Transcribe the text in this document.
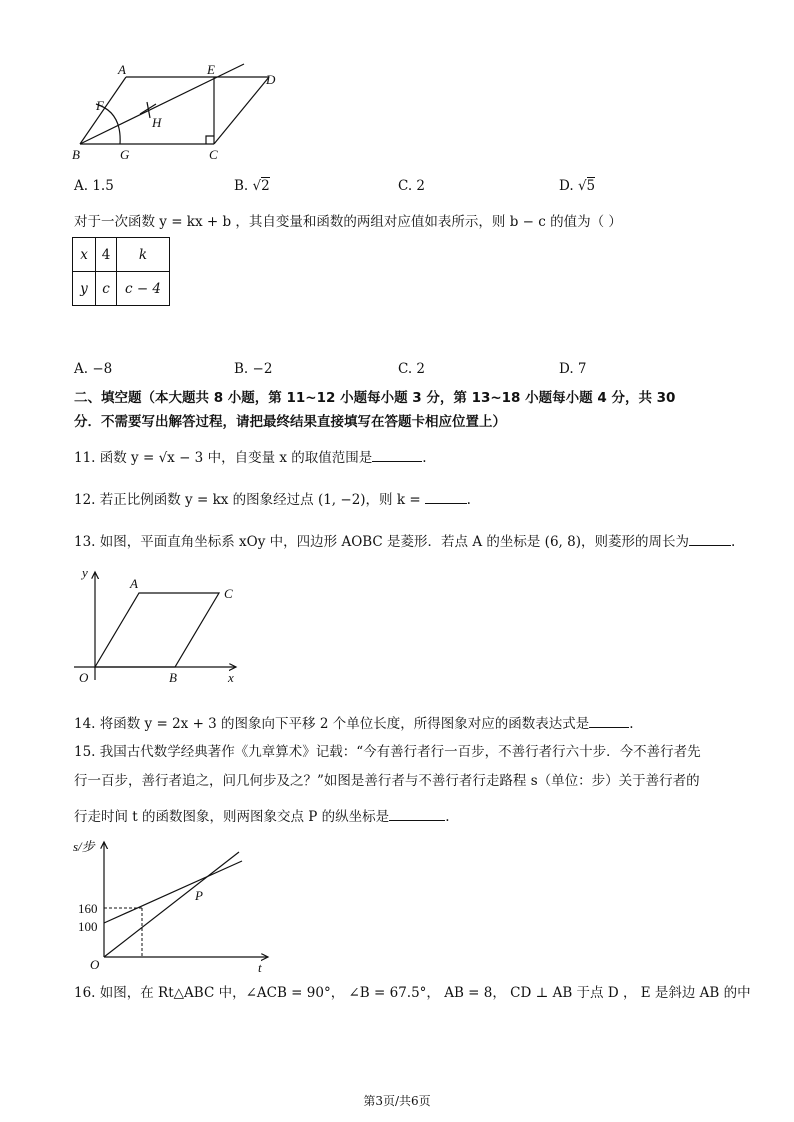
A	E
D
F
H
B	G	C
A. 1.5	B. √2	C. 2	D. √5
对于一次函数 y = kx + b ，其自变量和函数的两组对应值如表所示，则 b − c 的值为（ ）
x	4	k
y	c	c − 4
A. −8	B. −2	C. 2	D. 7
二、填空题（本大题共 8 小题，第 11~12 小题每小题 3 分，第 13~18 小题每小题 4 分，共 30
分．不需要写出解答过程，请把最终结果直接填写在答题卡相应位置上）
11. 函数 y = √x − 3 中，自变量 x 的取值范围是	.
12. 若正比例函数 y = kx 的图象经过点 (1, −2)，则 k =	.
13. 如图，平面直角坐标系 xOy 中，四边形 AOBC 是菱形．若点 A 的坐标是 (6, 8)，则菱形的周长为	.
y
A
C
O	B	x
14. 将函数 y = 2x + 3 的图象向下平移 2 个单位长度，所得图象对应的函数表达式是	.
15. 我国古代数学经典著作《九章算术》记载：“今有善行者行一百步，不善行者行六十步．今不善行者先
行一百步，善行者追之，问几何步及之？”如图是善行者与不善行者行走路程 s（单位：步）关于善行者的
行走时间 t 的函数图象，则两图象交点 P 的纵坐标是	.
s/步
P
160
100
O	t
16. 如图，在 Rt△ABC 中，∠ACB = 90°， ∠B = 67.5°， AB = 8， CD ⊥ AB 于点 D ， E 是斜边 AB 的中
第3页/共6页
